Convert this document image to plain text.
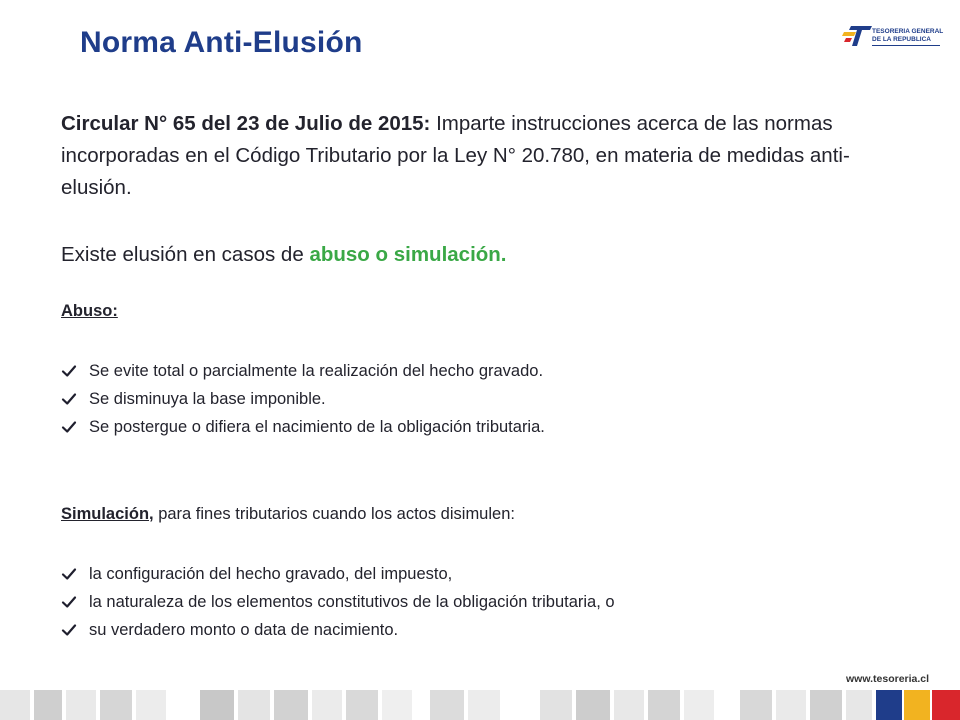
Norma Anti-Elusión	TESORERIA GENERAL
DE LA REPUBLICA

Circular N° 65 del 23 de Julio de 2015: Imparte instrucciones acerca de las normas incorporadas en el Código Tributario por la Ley N° 20.780, en materia de medidas anti-elusión.

Existe elusión en casos de abuso o simulación.

Abuso:

Se evite total o parcialmente la realización del hecho gravado.
Se disminuya la base imponible.
Se postergue o difiera el nacimiento de la obligación tributaria.

Simulación, para fines tributarios cuando los actos disimulen:

la configuración del hecho gravado, del impuesto,
la naturaleza de los elementos constitutivos de la obligación tributaria, o
su verdadero monto o data de nacimiento.
www.tesoreria.cl
